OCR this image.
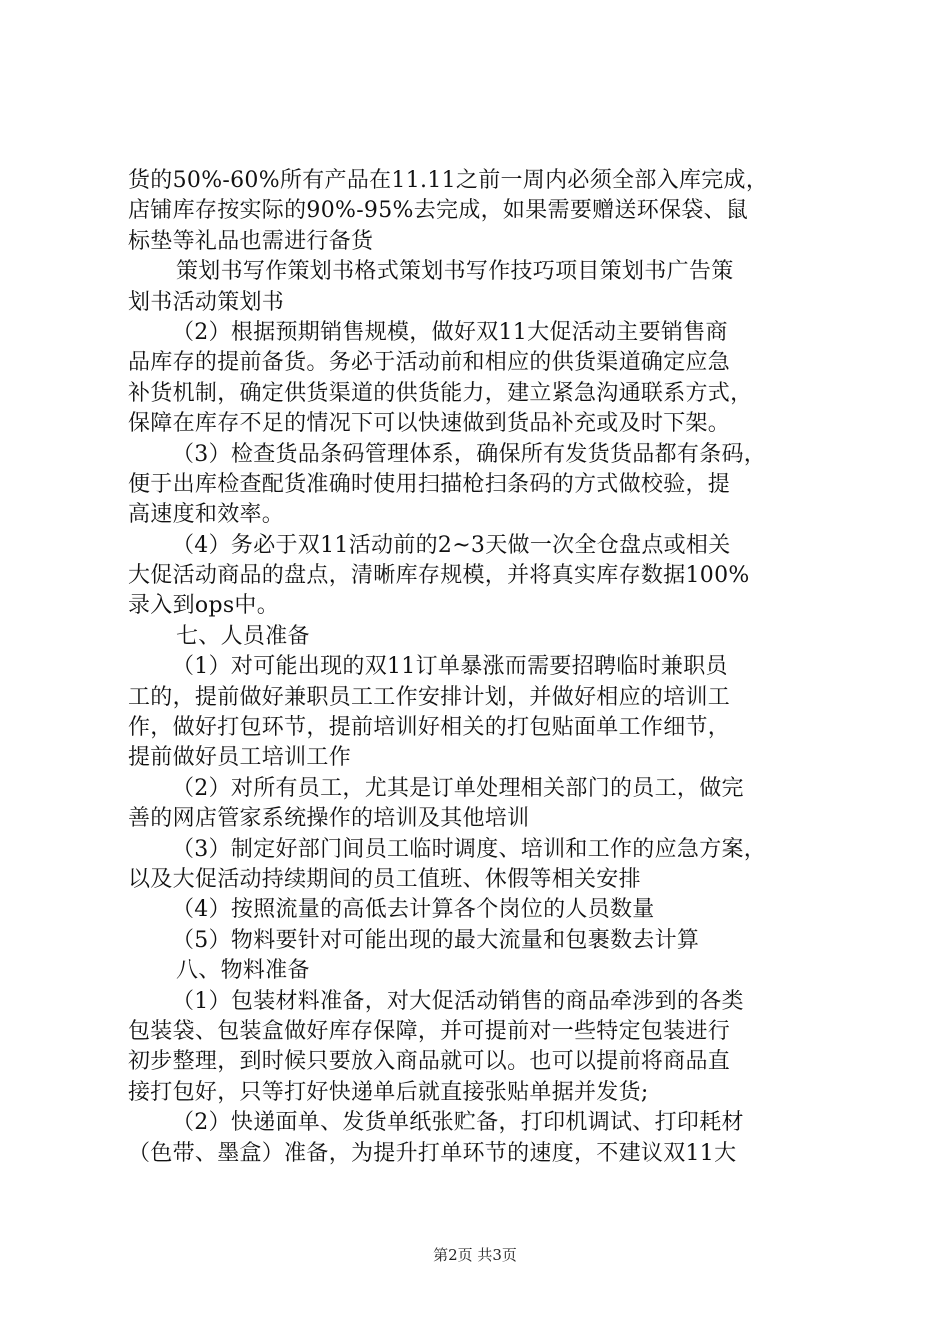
货的50%-60%所有产品在11.11之前一周内必须全部入库完成，
店铺库存按实际的90%-95%去完成，如果需要赠送环保袋、鼠
标垫等礼品也需进行备货
策划书写作策划书格式策划书写作技巧项目策划书广告策
划书活动策划书
（2）根据预期销售规模，做好双11大促活动主要销售商
品库存的提前备货。务必于活动前和相应的供货渠道确定应急
补货机制，确定供货渠道的供货能力，建立紧急沟通联系方式，
保障在库存不足的情况下可以快速做到货品补充或及时下架。
（3）检查货品条码管理体系，确保所有发货货品都有条码，
便于出库检查配货准确时使用扫描枪扫条码的方式做校验，提
高速度和效率。
（4）务必于双11活动前的2~3天做一次全仓盘点或相关
大促活动商品的盘点，清晰库存规模，并将真实库存数据100%
录入到ops中。
七、人员准备
（1）对可能出现的双11订单暴涨而需要招聘临时兼职员
工的，提前做好兼职员工工作安排计划，并做好相应的培训工
作，做好打包环节，提前培训好相关的打包贴面单工作细节，
提前做好员工培训工作
（2）对所有员工，尤其是订单处理相关部门的员工，做完
善的网店管家系统操作的培训及其他培训
（3）制定好部门间员工临时调度、培训和工作的应急方案，
以及大促活动持续期间的员工值班、休假等相关安排
（4）按照流量的高低去计算各个岗位的人员数量
（5）物料要针对可能出现的最大流量和包裹数去计算
八、物料准备
（1）包装材料准备，对大促活动销售的商品牵涉到的各类
包装袋、包装盒做好库存保障，并可提前对一些特定包装进行
初步整理，到时候只要放入商品就可以。也可以提前将商品直
接打包好，只等打好快递单后就直接张贴单据并发货;
（2）快递面单、发货单纸张贮备，打印机调试、打印耗材
（色带、墨盒）准备，为提升打单环节的速度，不建议双11大
第2页 共3页
